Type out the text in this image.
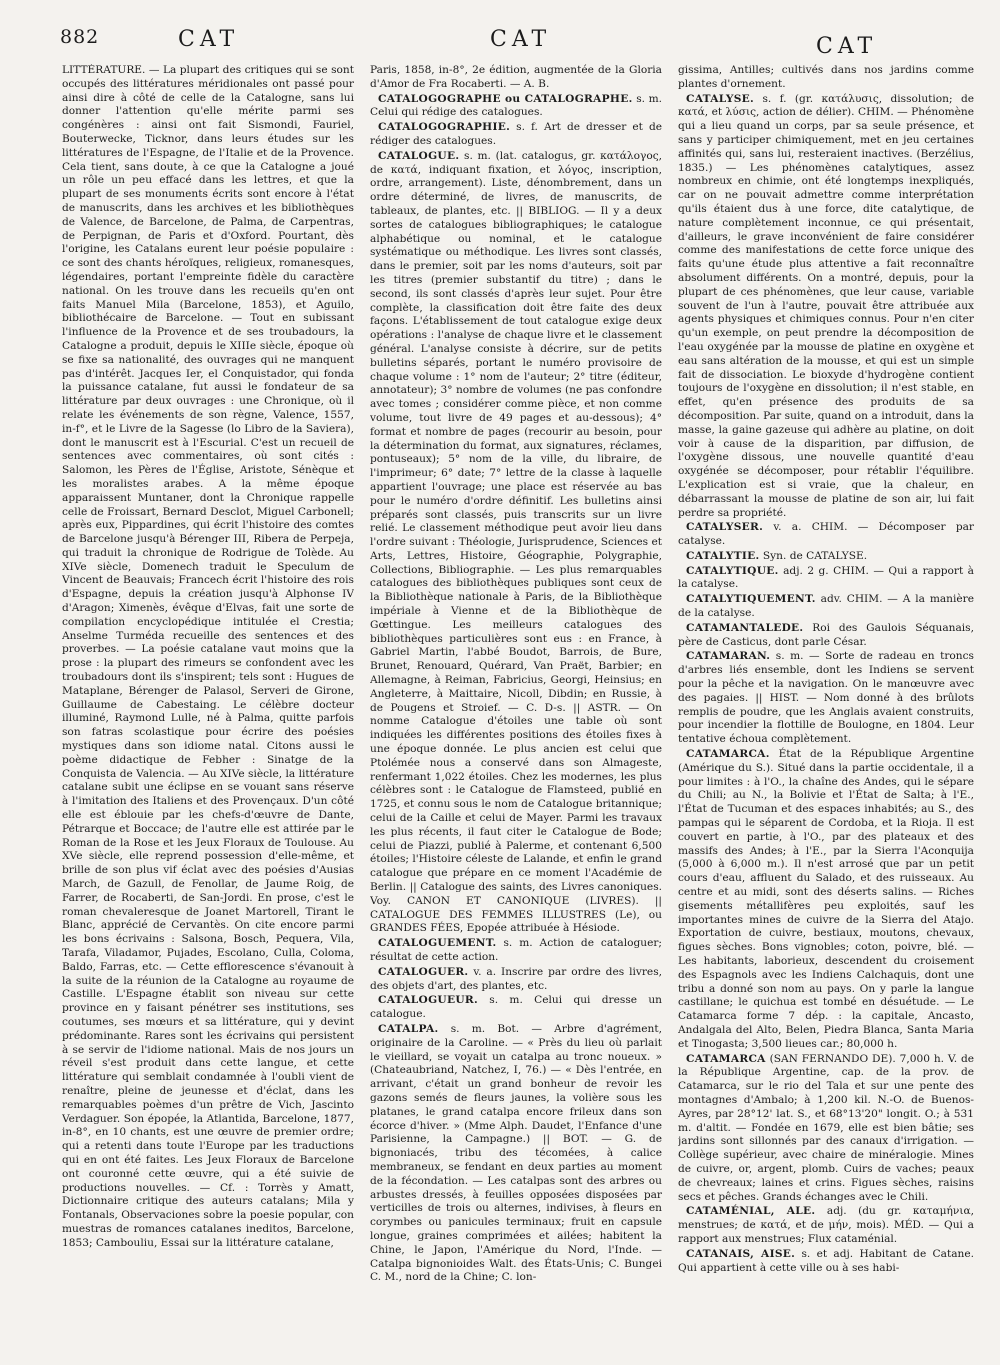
882	CAT	CAT	CAT

LITTÉRATURE. — La plupart des critiques qui se sont occupés des littératures méridionales ont passé pour ainsi dire à côté de celle de la Catalogne, sans lui donner l'attention qu'elle mérite parmi ses congénères : ainsi ont fait Sismondi, Fauriel, Bouterwecke, Ticknor, dans leurs études sur les littératures de l'Espagne, de l'Italie et de la Provence. Cela tient, sans doute, à ce que la Catalogne a joué un rôle un peu effacé dans les lettres, et que la plupart de ses monuments écrits sont encore à l'état de manuscrits, dans les archives et les bibliothèques de Valence, de Barcelone, de Palma, de Carpentras, de Perpignan, de Paris et d'Oxford. Pourtant, dès l'origine, les Catalans eurent leur poésie populaire : ce sont des chants héroïques, religieux, romanesques, légendaires, portant l'empreinte fidèle du caractère national. On les trouve dans les recueils qu'en ont faits Manuel Mila (Barcelone, 1853), et Aguilo, bibliothécaire de Barcelone. — Tout en subissant l'influence de la Provence et de ses troubadours, la Catalogne a produit, depuis le XIIIe siècle, époque où se fixe sa nationalité, des ouvrages qui ne manquent pas d'intérêt. Jacques Ier, el Conquistador, qui fonda la puissance catalane, fut aussi le fondateur de sa littérature par deux ouvrages : une Chronique, où il relate les événements de son règne, Valence, 1557, in-f°, et le Livre de la Sagesse (lo Libro de la Saviera), dont le manuscrit est à l'Escurial. C'est un recueil de sentences avec commentaires, où sont cités : Salomon, les Pères de l'Église, Aristote, Sénèque et les moralistes arabes. A la même époque apparaissent Muntaner, dont la Chronique rappelle celle de Froissart, Bernard Desclot, Miguel Carbonell; après eux, Pippardines, qui écrit l'histoire des comtes de Barcelone jusqu'à Bérenger III, Ribera de Perpeja, qui traduit la chronique de Rodrigue de Tolède. Au XIVe siècle, Domenech traduit le Speculum de Vincent de Beauvais; Francech écrit l'histoire des rois d'Espagne, depuis la création jusqu'à Alphonse IV d'Aragon; Ximenès, évêque d'Elvas, fait une sorte de compilation encyclopédique intitulée el Crestia; Anselme Turméda recueille des sentences et des proverbes. — La poésie catalane vaut moins que la prose : la plupart des rimeurs se confondent avec les troubadours dont ils s'inspirent; tels sont : Hugues de Mataplane, Bérenger de Palasol, Serveri de Girone, Guillaume de Cabestaing. Le célèbre docteur illuminé, Raymond Lulle, né à Palma, quitte parfois son fatras scolastique pour écrire des poésies mystiques dans son idiome natal. Citons aussi le poème didactique de Febher : Sinatge de la Conquista de Valencia. — Au XIVe siècle, la littérature catalane subit une éclipse en se vouant sans réserve à l'imitation des Italiens et des Provençaux. D'un côté elle est éblouie par les chefs-d'œuvre de Dante, Pétrarque et Boccace; de l'autre elle est attirée par le Roman de la Rose et les Jeux Floraux de Toulouse. Au XVe siècle, elle reprend possession d'elle-même, et brille de son plus vif éclat avec des poésies d'Ausias March, de Gazull, de Fenollar, de Jaume Roig, de Farrer, de Rocaberti, de San-Jordi. En prose, c'est le roman chevaleresque de Joanet Martorell, Tirant le Blanc, apprécié de Cervantès. On cite encore parmi les bons écrivains : Salsona, Bosch, Pequera, Vila, Tarafa, Viladamor, Pujades, Escolano, Culla, Coloma, Baldo, Farras, etc. — Cette efflorescence s'évanouit à la suite de la réunion de la Catalogne au royaume de Castille. L'Espagne établit son niveau sur cette province en y faisant pénétrer ses institutions, ses coutumes, ses mœurs et sa littérature, qui y devint prédominante. Rares sont les écrivains qui persistent à se servir de l'idiome national. Mais de nos jours un réveil s'est produit dans cette langue, et cette littérature qui semblait condamnée à l'oubli vient de renaître, pleine de jeunesse et d'éclat, dans les remarquables poèmes d'un prêtre de Vich, Jascinto Verdaguer. Son épopée, la Atlantida, Barcelone, 1877, in-8°, en 10 chants, est une œuvre de premier ordre; qui a retenti dans toute l'Europe par les traductions qui en ont été faites. Les Jeux Floraux de Barcelone ont couronné cette œuvre, qui a été suivie de productions nouvelles. — Cf. : Torrès y Amatt, Dictionnaire critique des auteurs catalans; Mila y Fontanals, Observaciones sobre la poesie popular, con muestras de romances catalanes ineditos, Barcelone, 1853; Cambouliu, Essai sur la littérature catalane,

Paris, 1858, in-8°, 2e édition, augmentée de la Gloria d'Amor de Fra Rocaberti. — A. B.

CATALOGOGRAPHE ou CATALOGRAPHE. s. m. Celui qui rédige des catalogues.

CATALOGOGRAPHIE. s. f. Art de dresser et de rédiger des catalogues.

CATALOGUE. s. m. (lat. catalogus, gr. κατάλογος, de κατά, indiquant fixation, et λόγος, inscription, ordre, arrangement). Liste, dénombrement, dans un ordre déterminé, de livres, de manuscrits, de tableaux, de plantes, etc. || BIBLIOG. — Il y a deux sortes de catalogues bibliographiques; le catalogue alphabétique ou nominal, et le catalogue systématique ou méthodique. Les livres sont classés, dans le premier, soit par les noms d'auteurs, soit par les titres (premier substantif du titre) ; dans le second, ils sont classés d'après leur sujet. Pour être complète, la classification doit être faite des deux façons. L'établissement de tout catalogue exige deux opérations : l'analyse de chaque livre et le classement général. L'analyse consiste à décrire, sur de petits bulletins séparés, portant le numéro provisoire de chaque volume : 1° nom de l'auteur; 2° titre (éditeur, annotateur); 3° nombre de volumes (ne pas confondre avec tomes ; considérer comme pièce, et non comme volume, tout livre de 49 pages et au-dessous); 4° format et nombre de pages (recourir au besoin, pour la détermination du format, aux signatures, réclames, pontuseaux); 5° nom de la ville, du libraire, de l'imprimeur; 6° date; 7° lettre de la classe à laquelle appartient l'ouvrage; une place est réservée au bas pour le numéro d'ordre définitif. Les bulletins ainsi préparés sont classés, puis transcrits sur un livre relié. Le classement méthodique peut avoir lieu dans l'ordre suivant : Théologie, Jurisprudence, Sciences et Arts, Lettres, Histoire, Géographie, Polygraphie, Collections, Bibliographie. — Les plus remarquables catalogues des bibliothèques publiques sont ceux de la Bibliothèque nationale à Paris, de la Bibliothèque impériale à Vienne et de la Bibliothèque de Gœttingue. Les meilleurs catalogues des bibliothèques particulières sont eus : en France, à Gabriel Martin, l'abbé Boudot, Barrois, de Bure, Brunet, Renouard, Quérard, Van Praët, Barbier; en Allemagne, à Reiman, Fabricius, Georgi, Heinsius; en Angleterre, à Maittaire, Nicoll, Dibdin; en Russie, à de Pougens et Stroief. — C. D-s. || ASTR. — On nomme Catalogue d'étoiles une table où sont indiquées les différentes positions des étoiles fixes à une époque donnée. Le plus ancien est celui que Ptolémée nous a conservé dans son Almageste, renfermant 1,022 étoiles. Chez les modernes, les plus célèbres sont : le Catalogue de Flamsteed, publié en 1725, et connu sous le nom de Catalogue britannique; celui de la Caille et celui de Mayer. Parmi les travaux les plus récents, il faut citer le Catalogue de Bode; celui de Piazzi, publié à Palerme, et contenant 6,500 étoiles; l'Histoire céleste de Lalande, et enfin le grand catalogue que prépare en ce moment l'Académie de Berlin. || Catalogue des saints, des Livres canoniques. Voy. CANON ET CANONIQUE (LIVRES). || CATALOGUE DES FEMMES ILLUSTRES (Le), ou GRANDES FÉES, Epopée attribuée à Hésiode.

CATALOGUEMENT. s. m. Action de cataloguer; résultat de cette action.

CATALOGUER. v. a. Inscrire par ordre des livres, des objets d'art, des plantes, etc.

CATALOGUEUR. s. m. Celui qui dresse un catalogue.

CATALPA. s. m. Bot. — Arbre d'agrément, originaire de la Caroline. — « Près du lieu où parlait le vieillard, se voyait un catalpa au tronc noueux. » (Chateaubriand, Natchez, I, 76.) — « Dès l'entrée, en arrivant, c'était un grand bonheur de revoir les gazons semés de fleurs jaunes, la volière sous les platanes, le grand catalpa encore frileux dans son écorce d'hiver. » (Mme Alph. Daudet, l'Enfance d'une Parisienne, la Campagne.) || BOT. — G. de bignoniacés, tribu des técomées, à calice membraneux, se fendant en deux parties au moment de la fécondation. — Les catalpas sont des arbres ou arbustes dressés, à feuilles opposées disposées par verticilles de trois ou alternes, indivises, à fleurs en corymbes ou panicules terminaux; fruit en capsule longue, graines comprimées et ailées; habitent la Chine, le Japon, l'Amérique du Nord, l'Inde. — Catalpa bignonioides Walt. des États-Unis; C. Bungei C. M., nord de la Chine; C. lon-

gissima, Antilles; cultivés dans nos jardins comme plantes d'ornement.

CATALYSE. s. f. (gr. κατάλυσις, dissolution; de κατά, et λύσις, action de délier). CHIM. — Phénomène qui a lieu quand un corps, par sa seule présence, et sans y participer chimiquement, met en jeu certaines affinités qui, sans lui, resteraient inactives. (Berzélius, 1835.) — Les phénomènes catalytiques, assez nombreux en chimie, ont été longtemps inexpliqués, car on ne pouvait admettre comme interprétation qu'ils étaient dus à une force, dite catalytique, de nature complètement inconnue, ce qui présentait, d'ailleurs, le grave inconvénient de faire considérer comme des manifestations de cette force unique des faits qu'une étude plus attentive a fait reconnaître absolument différents. On a montré, depuis, pour la plupart de ces phénomènes, que leur cause, variable souvent de l'un à l'autre, pouvait être attribuée aux agents physiques et chimiques connus. Pour n'en citer qu'un exemple, on peut prendre la décomposition de l'eau oxygénée par la mousse de platine en oxygène et eau sans altération de la mousse, et qui est un simple fait de dissociation. Le bioxyde d'hydrogène contient toujours de l'oxygène en dissolution; il n'est stable, en effet, qu'en présence des produits de sa décomposition. Par suite, quand on a introduit, dans la masse, la gaine gazeuse qui adhère au platine, on doit voir à cause de la disparition, par diffusion, de l'oxygène dissous, une nouvelle quantité d'eau oxygénée se décomposer, pour rétablir l'équilibre. L'explication est si vraie, que la chaleur, en débarrassant la mousse de platine de son air, lui fait perdre sa propriété.

CATALYSER. v. a. CHIM. — Décomposer par catalyse.

CATALYTIE. Syn. de CATALYSE.

CATALYTIQUE. adj. 2 g. CHIM. — Qui a rapport à la catalyse.

CATALYTIQUEMENT. adv. CHIM. — A la manière de la catalyse.

CATAMANTALEDE. Roi des Gaulois Séquanais, père de Casticus, dont parle César.

CATAMARAN. s. m. — Sorte de radeau en troncs d'arbres liés ensemble, dont les Indiens se servent pour la pêche et la navigation. On le manœuvre avec des pagaies. || HIST. — Nom donné à des brûlots remplis de poudre, que les Anglais avaient construits, pour incendier la flottille de Boulogne, en 1804. Leur tentative échoua complètement.

CATAMARCA. État de la République Argentine (Amérique du S.). Situé dans la partie occidentale, il a pour limites : à l'O., la chaîne des Andes, qui le sépare du Chili; au N., la Bolivie et l'État de Salta; à l'E., l'État de Tucuman et des espaces inhabités; au S., des pampas qui le séparent de Cordoba, et la Rioja. Il est couvert en partie, à l'O., par des plateaux et des massifs des Andes; à l'E., par la Sierra l'Aconquija (5,000 à 6,000 m.). Il n'est arrosé que par un petit cours d'eau, affluent du Salado, et des ruisseaux. Au centre et au midi, sont des déserts salins. — Riches gisements métallifères peu exploités, sauf les importantes mines de cuivre de la Sierra del Atajo. Exportation de cuivre, bestiaux, moutons, chevaux, figues sèches. Bons vignobles; coton, poivre, blé. — Les habitants, laborieux, descendent du croisement des Espagnols avec les Indiens Calchaquis, dont une tribu a donné son nom au pays. On y parle la langue castillane; le quichua est tombé en désuétude. — Le Catamarca forme 7 dép. : la capitale, Ancasto, Andalgala del Alto, Belen, Piedra Blanca, Santa Maria et Tinogasta; 3,500 lieues car.; 80,000 h.

CATAMARCA (SAN FERNANDO DE). 7,000 h. V. de la République Argentine, cap. de la prov. de Catamarca, sur le rio del Tala et sur une pente des montagnes d'Ambalo; à 1,200 kil. N.-O. de Buenos-Ayres, par 28°12' lat. S., et 68°13'20" longit. O.; à 531 m. d'altit. — Fondée en 1679, elle est bien bâtie; ses jardins sont sillonnés par des canaux d'irrigation. — Collège supérieur, avec chaire de minéralogie. Mines de cuivre, or, argent, plomb. Cuirs de vaches; peaux de chevreaux; laines et crins. Figues sèches, raisins secs et pêches. Grands échanges avec le Chili.

CATAMÉNIAL, ALE. adj. (du gr. καταμήνια, menstrues; de κατά, et de μήν, mois). MÉD. — Qui a rapport aux menstrues; Flux cataménial.

CATANAIS, AISE. s. et adj. Habitant de Catane. Qui appartient à cette ville ou à ses habi-
